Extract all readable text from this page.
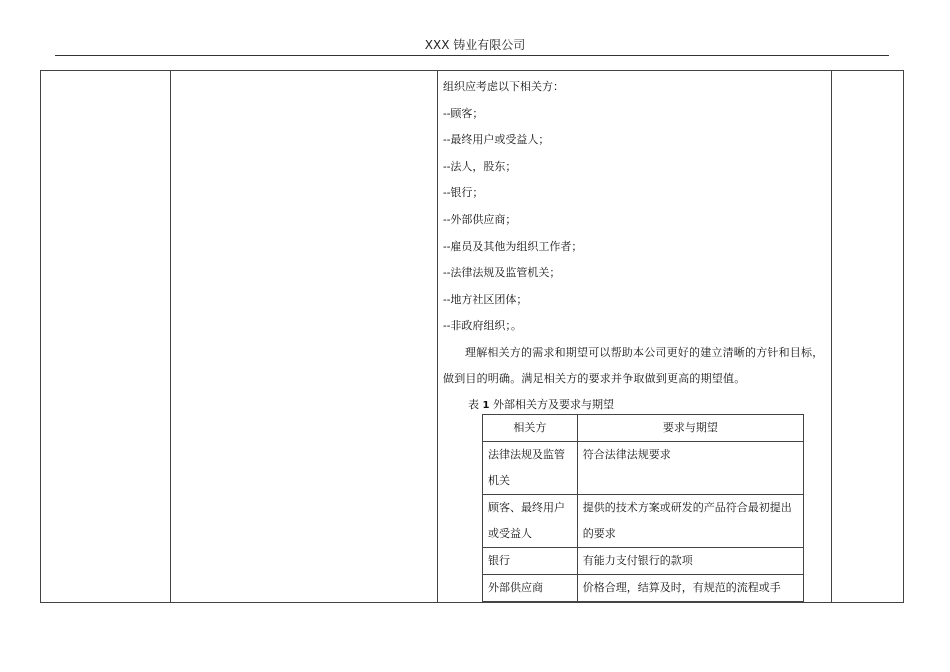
XXX 铸业有限公司
组织应考虑以下相关方：
--顾客；
--最终用户或受益人；
--法人，股东；
--银行；
--外部供应商；
--雇员及其他为组织工作者；
--法律法规及监管机关；
--地方社区团体；
--非政府组织；。
理解相关方的需求和期望可以帮助本公司更好的建立清晰的方针和目标，做到目的明确。满足相关方的要求并争取做到更高的期望值。
表 1 外部相关方及要求与期望
相关方	要求与期望
法律法规及监管机关	符合法律法规要求
顾客、最终用户或受益人	提供的技术方案或研发的产品符合最初提出的要求
银行	有能力支付银行的款项
外部供应商	价格合理，结算及时，有规范的流程或手
